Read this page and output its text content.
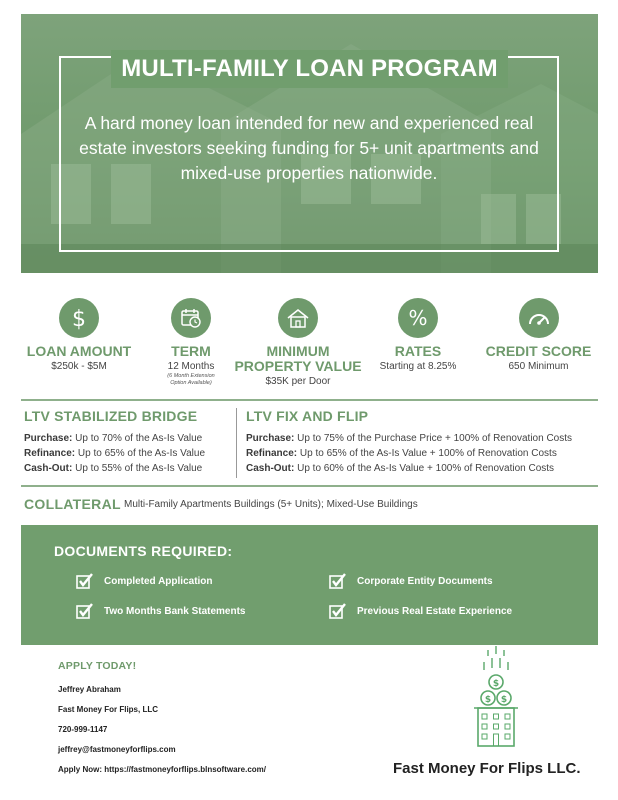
MULTI-FAMILY LOAN PROGRAM
A hard money loan intended for new and experienced real estate investors seeking funding for 5+ unit apartments and mixed-use properties nationwide.
$
LOAN AMOUNT
$250k - $5M
TERM
12 Months
(6 Month Extension
Option Available)
MINIMUM
PROPERTY VALUE
$35K per Door
%
RATES
Starting at 8.25%
CREDIT SCORE
650 Minimum
LTV STABILIZED BRIDGE
Purchase: Up to 70% of the As-Is Value
Refinance: Up to 65% of the As-Is Value
Cash-Out: Up to 55% of the As-Is Value
LTV FIX AND FLIP
Purchase: Up to 75% of the Purchase Price + 100% of Renovation Costs
Refinance: Up to 65% of the As-Is Value + 100% of Renovation Costs
Cash-Out: Up to 60% of the As-Is Value + 100% of Renovation Costs
COLLATERAL Multi-Family Apartments Buildings (5+ Units); Mixed-Use Buildings
DOCUMENTS REQUIRED:
Completed Application	Corporate Entity Documents
Two Months Bank Statements	Previous Real Estate Experience
APPLY TODAY!
Jeffrey Abraham
Fast Money For Flips, LLC
720-999-1147
jeffrey@fastmoneyforflips.com
Apply Now: https://fastmoneyforflips.blnsoftware.com/
$
$ $
Fast Money For Flips LLC.
